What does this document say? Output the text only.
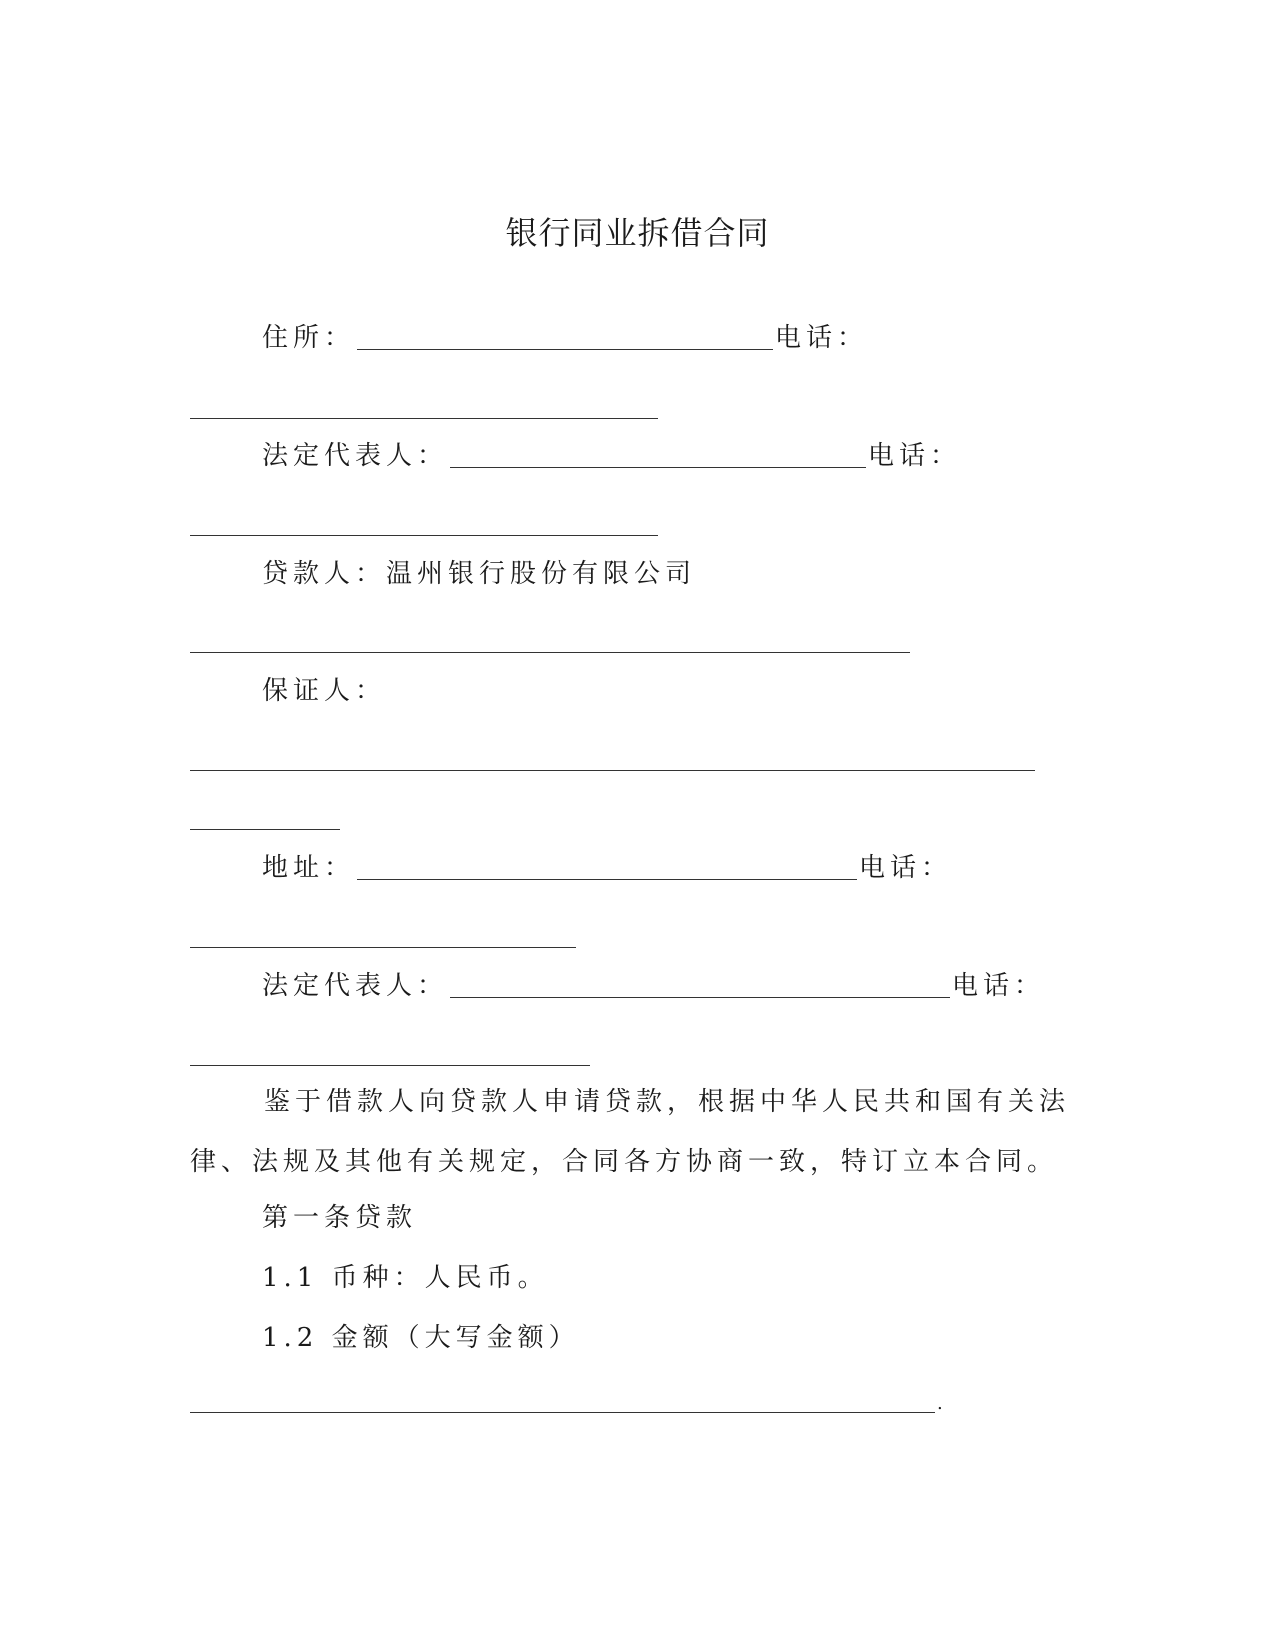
银行同业拆借合同
住所：	电话：
法定代表人：	电话：
贷款人： 温州银行股份有限公司
保证人：
地址：	电话：
法定代表人：	电话：
鉴于借款人向贷款人申请贷款，根据中华人民共和国有关法律、法规及其他有关规定，合同各方协商一致，特订立本合同。
第一条贷款
1.1 币种：人民币。
1.2 金额（大写金额）
.
